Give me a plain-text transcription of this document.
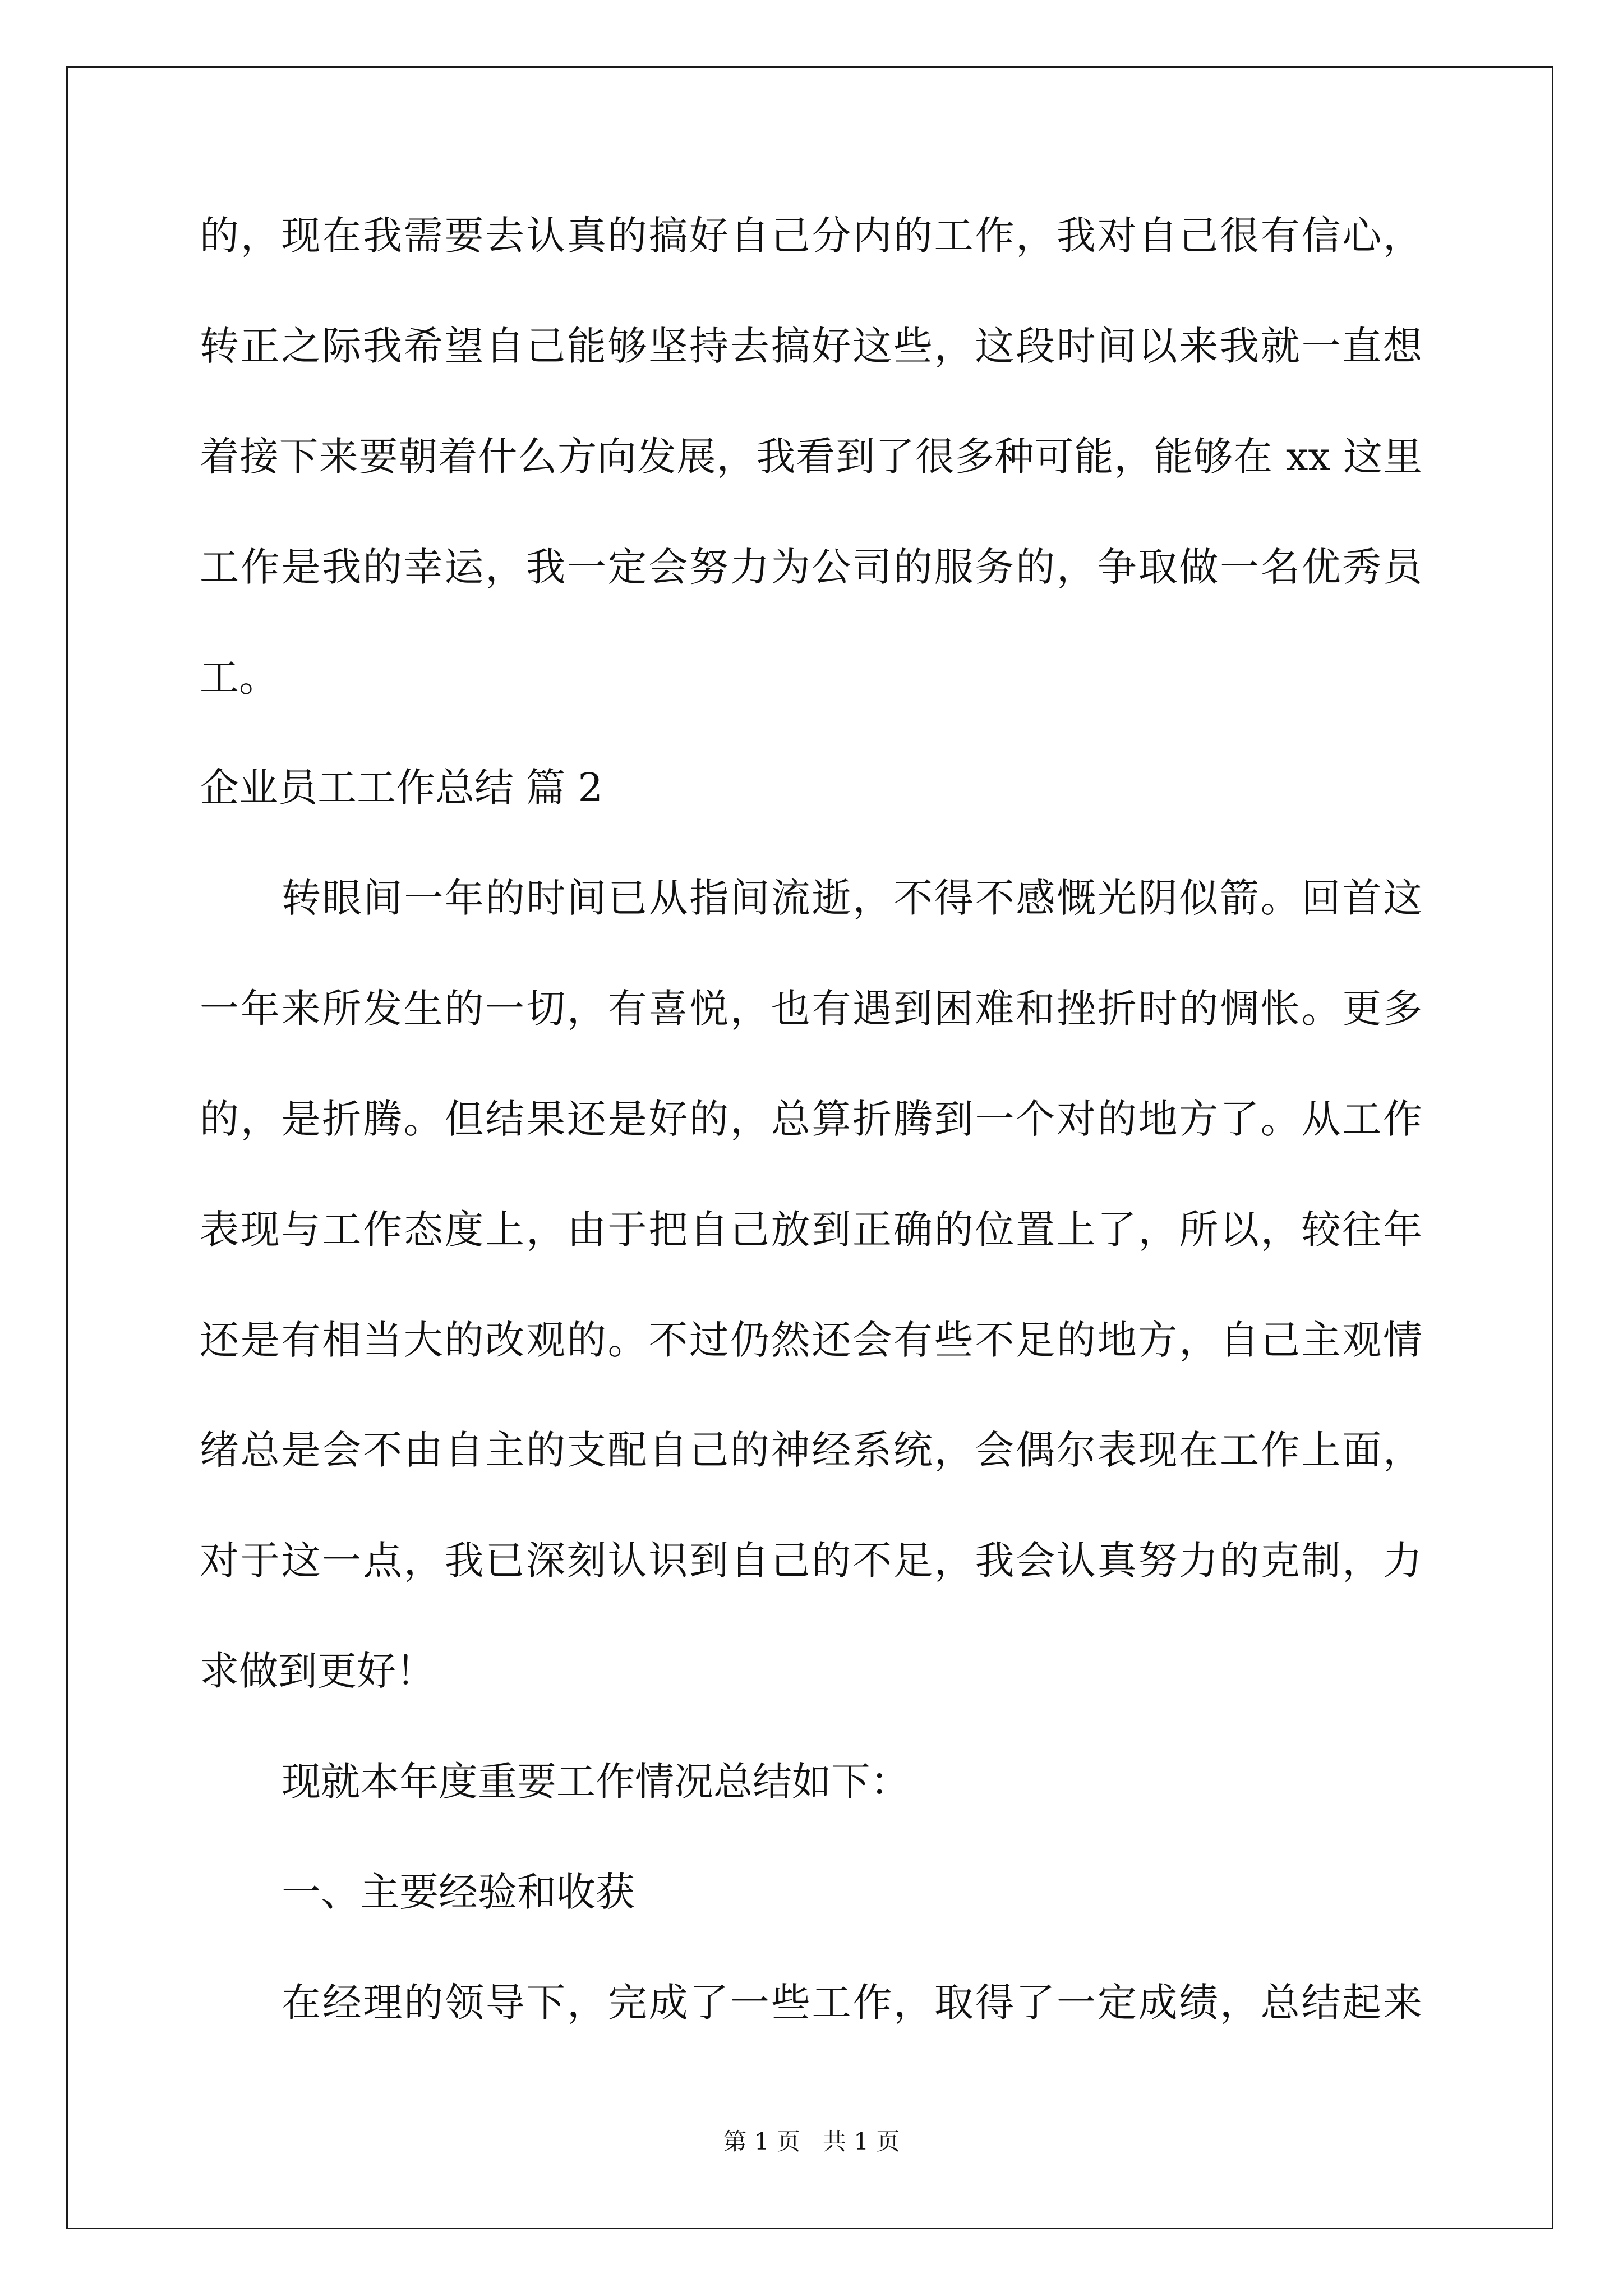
的，现在我需要去认真的搞好自己分内的工作，我对自己很有信心，
转正之际我希望自己能够坚持去搞好这些，这段时间以来我就一直想
着接下来要朝着什么方向发展，我看到了很多种可能，能够在 xx 这里
工作是我的幸运，我一定会努力为公司的服务的，争取做一名优秀员
工。
企业员工工作总结 篇 2
转眼间一年的时间已从指间流逝，不得不感慨光阴似箭。回首这
一年来所发生的一切，有喜悦，也有遇到困难和挫折时的惆怅。更多
的，是折腾。但结果还是好的，总算折腾到一个对的地方了。从工作
表现与工作态度上，由于把自己放到正确的位置上了，所以，较往年
还是有相当大的改观的。不过仍然还会有些不足的地方，自己主观情
绪总是会不由自主的支配自己的神经系统，会偶尔表现在工作上面，
对于这一点，我已深刻认识到自己的不足，我会认真努力的克制，力
求做到更好！
现就本年度重要工作情况总结如下：
一、主要经验和收获
在经理的领导下，完成了一些工作，取得了一定成绩，总结起来
第 1 页   共 1 页
